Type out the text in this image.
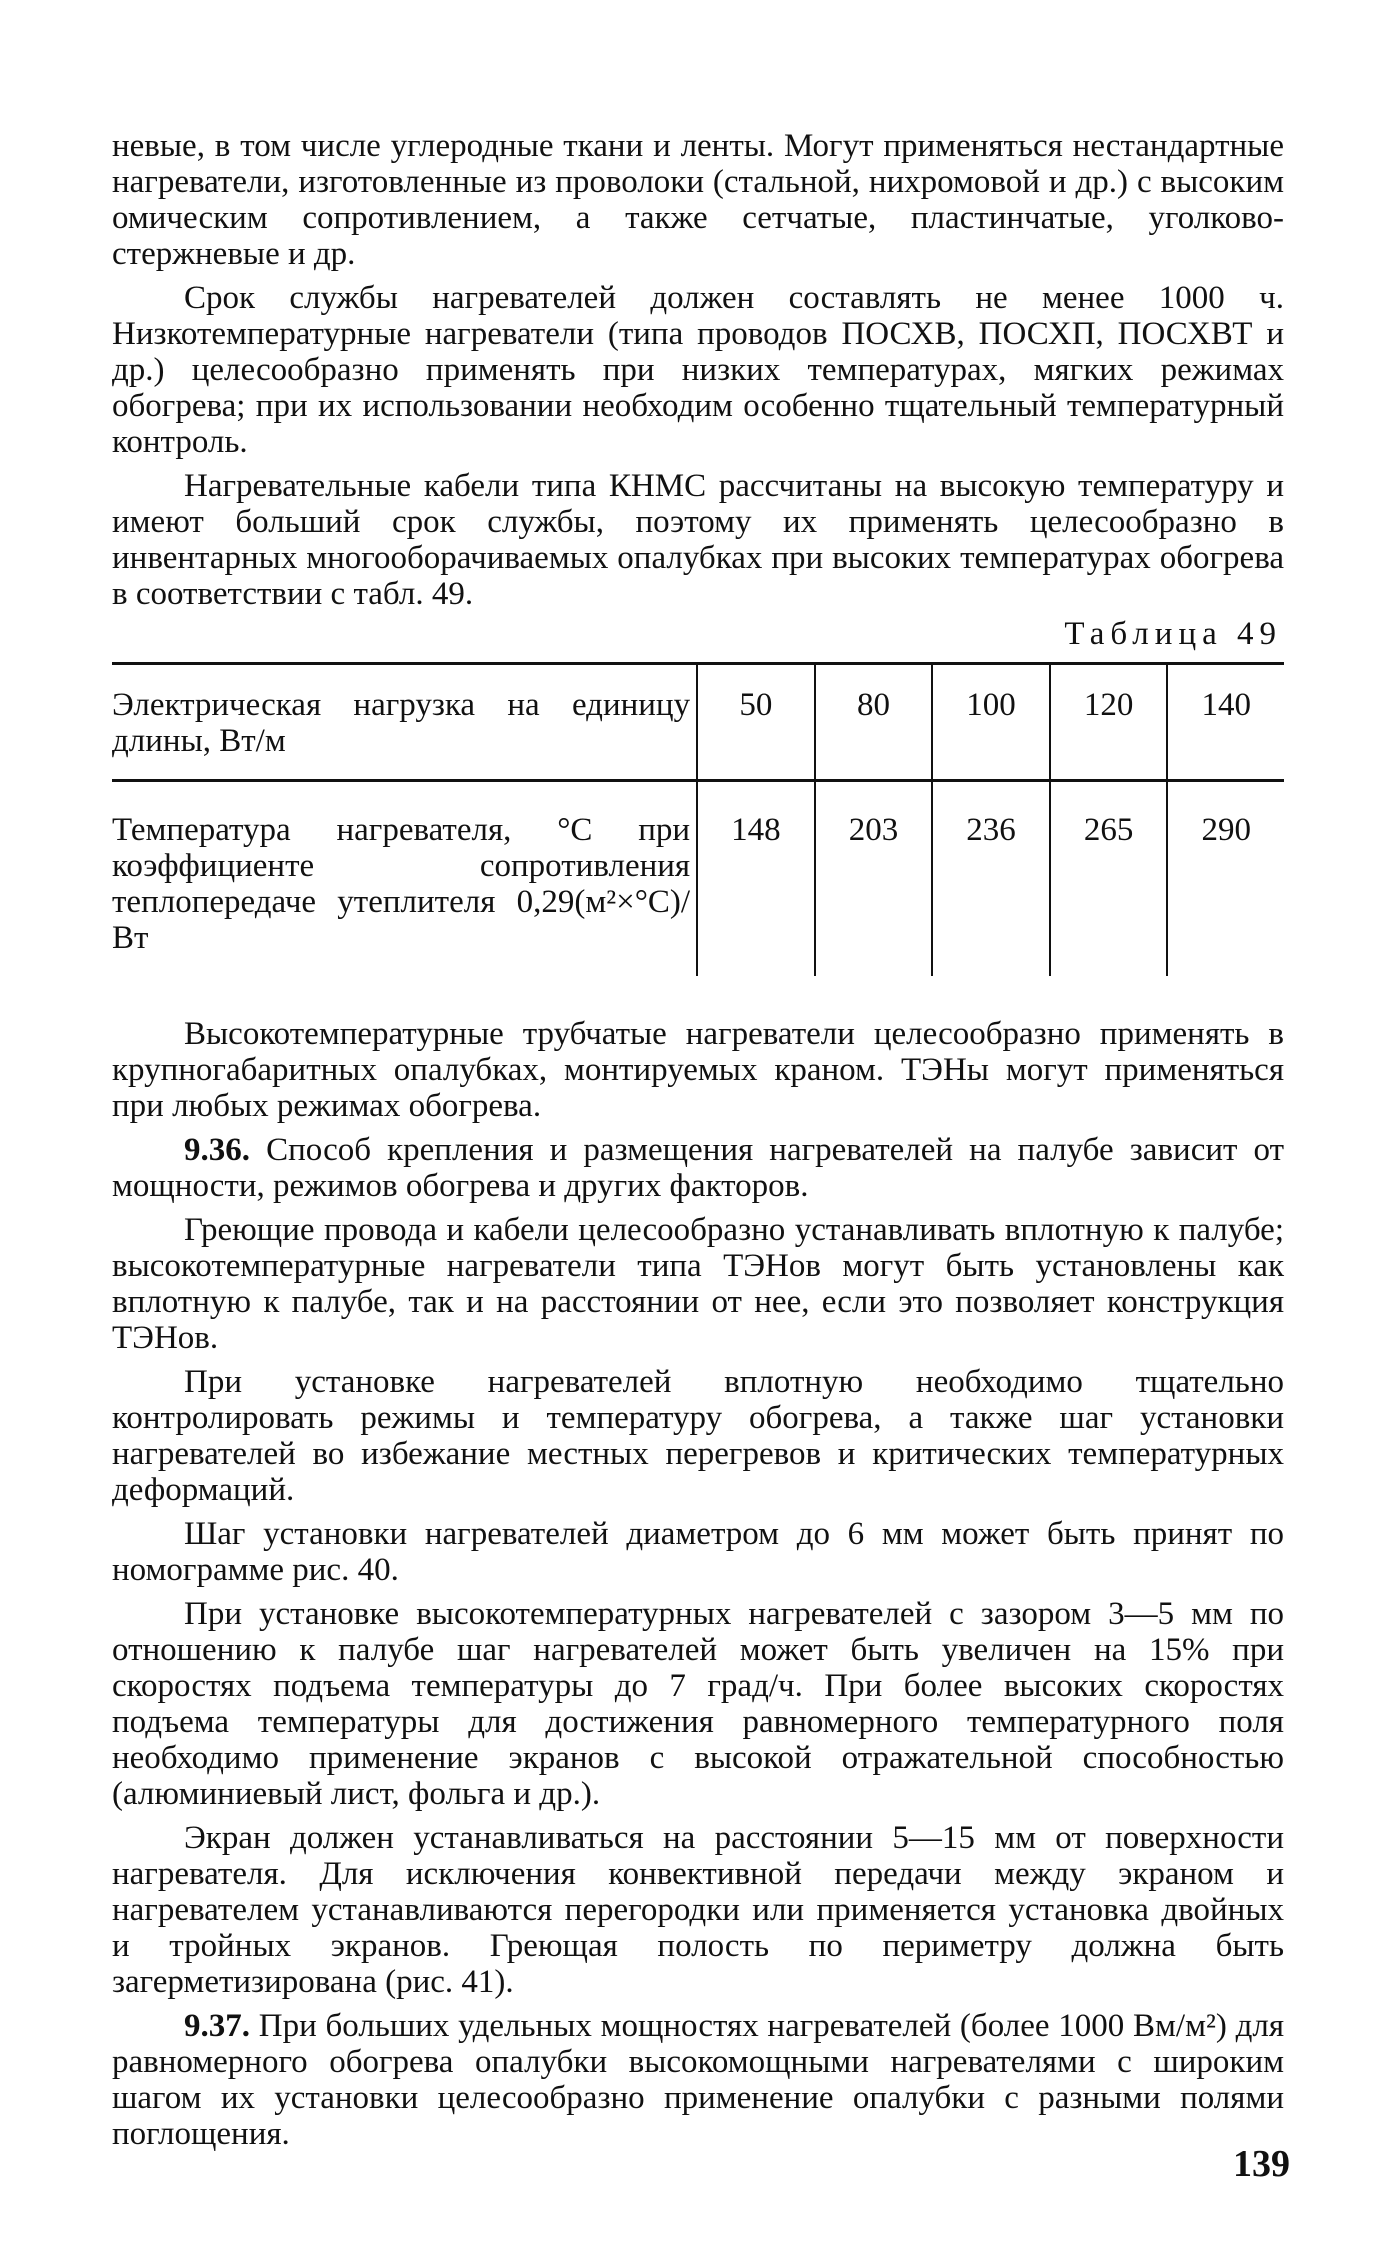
невые, в том числе углеродные ткани и ленты. Могут применяться нестандартные нагреватели, изготовленные из проволоки (стальной, нихромовой и др.) с высоким омическим сопротивлением, а также сетчатые, пластинчатые, уголково-стержневые и др.

Срок службы нагревателей должен составлять не менее 1000 ч. Низкотемпературные нагреватели (типа проводов ПОСХВ, ПОСХП, ПОСХВТ и др.) целесообразно применять при низких температурах, мягких режимах обогрева; при их использовании необходим особенно тщательный температурный контроль.

Нагревательные кабели типа КНМС рассчитаны на высокую температуру и имеют больший срок службы, поэтому их применять целесообразно в инвентарных многооборачиваемых опалубках при высоких температурах обогрева в соответствии с табл. 49.

Таблица 49
Электрическая нагрузка на единицу длины, Вт/м	50	80	100	120	140
Температура нагревателя, °С при коэффициенте сопротивления теплопередаче утеплителя 0,29(м²×°С)/Вт	148	203	236	265	290

Высокотемпературные трубчатые нагреватели целесообразно применять в крупногабаритных опалубках, монтируемых краном. ТЭНы могут применяться при любых режимах обогрева.

9.36. Способ крепления и размещения нагревателей на палубе зависит от мощности, режимов обогрева и других факторов.

Греющие провода и кабели целесообразно устанавливать вплотную к палубе; высокотемпературные нагреватели типа ТЭНов могут быть установлены как вплотную к палубе, так и на расстоянии от нее, если это позволяет конструкция ТЭНов.

При установке нагревателей вплотную необходимо тщательно контролировать режимы и температуру обогрева, а также шаг установки нагревателей во избежание местных перегревов и критических температурных деформаций.

Шаг установки нагревателей диаметром до 6 мм может быть принят по номограмме рис. 40.

При установке высокотемпературных нагревателей с зазором 3—5 мм по отношению к палубе шаг нагревателей может быть увеличен на 15% при скоростях подъема температуры до 7 град/ч. При более высоких скоростях подъема температуры для достижения равномерного температурного поля необходимо применение экранов с высокой отражательной способностью (алюминиевый лист, фольга и др.).

Экран должен устанавливаться на расстоянии 5—15 мм от поверхности нагревателя. Для исключения конвективной передачи между экраном и нагревателем устанавливаются перегородки или применяется установка двойных и тройных экранов. Греющая полость по периметру должна быть загерметизирована (рис. 41).

9.37. При больших удельных мощностях нагревателей (более 1000 Вм/м²) для равномерного обогрева опалубки высокомощными нагревателями с широким шагом их установки целесообразно применение опалубки с разными полями поглощения.

139
